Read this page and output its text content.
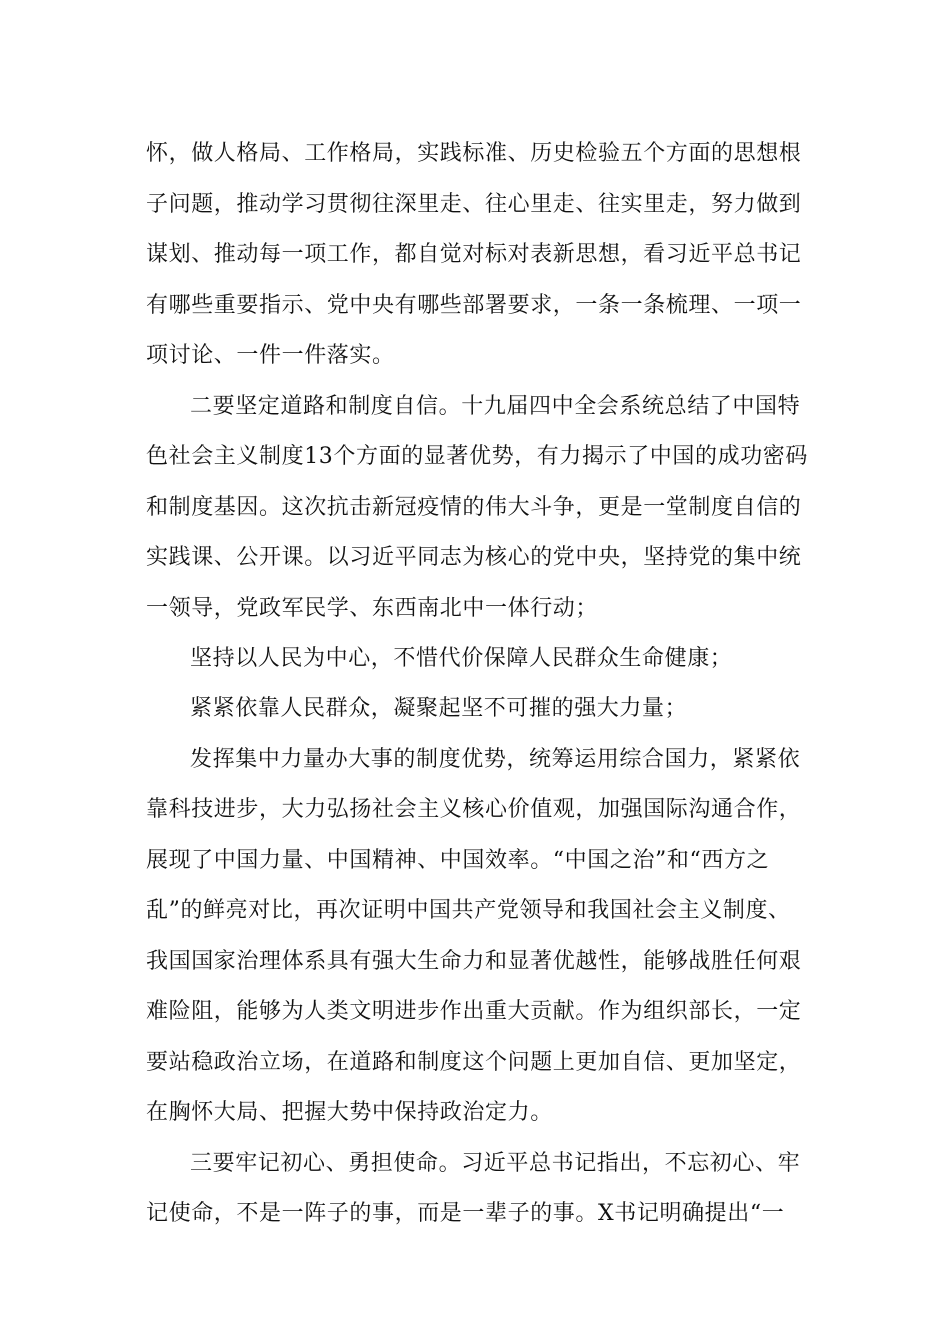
怀，做人格局、工作格局，实践标准、历史检验五个方面的思想根

子问题，推动学习贯彻往深里走、往心里走、往实里走，努力做到

谋划、推动每一项工作，都自觉对标对表新思想，看习近平总书记

有哪些重要指示、党中央有哪些部署要求，一条一条梳理、一项一

项讨论、一件一件落实。

二要坚定道路和制度自信。十九届四中全会系统总结了中国特

色社会主义制度13个方面的显著优势，有力揭示了中国的成功密码

和制度基因。这次抗击新冠疫情的伟大斗争，更是一堂制度自信的

实践课、公开课。以习近平同志为核心的党中央，坚持党的集中统

一领导，党政军民学、东西南北中一体行动；

坚持以人民为中心，不惜代价保障人民群众生命健康；

紧紧依靠人民群众，凝聚起坚不可摧的强大力量；

发挥集中力量办大事的制度优势，统筹运用综合国力，紧紧依

靠科技进步，大力弘扬社会主义核心价值观，加强国际沟通合作，

展现了中国力量、中国精神、中国效率。“中国之治”和“西方之

乱”的鲜亮对比，再次证明中国共产党领导和我国社会主义制度、

我国国家治理体系具有强大生命力和显著优越性，能够战胜任何艰

难险阻，能够为人类文明进步作出重大贡献。作为组织部长，一定

要站稳政治立场，在道路和制度这个问题上更加自信、更加坚定，

在胸怀大局、把握大势中保持政治定力。

三要牢记初心、勇担使命。习近平总书记指出，不忘初心、牢

记使命，不是一阵子的事，而是一辈子的事。X书记明确提出“一
